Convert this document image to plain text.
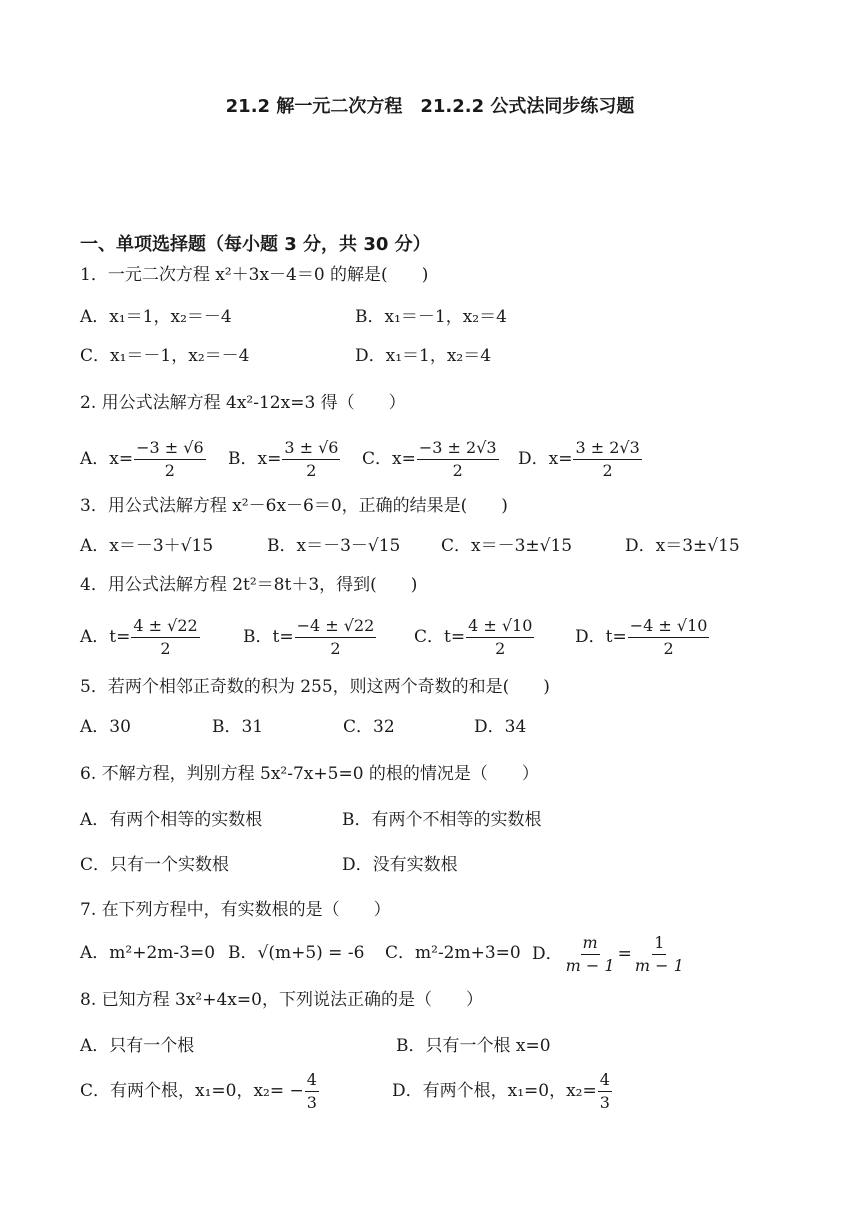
21.2 解一元二次方程　21.2.2 公式法同步练习题
一、单项选择题（每小题 3 分，共 30 分）
1．一元二次方程 x²＋3x－4＝0 的解是(　　)
A．x₁＝1，x₂＝－4	B．x₁＝－1，x₂＝4
C．x₁＝－1，x₂＝－4	D．x₁＝1，x₂＝4
2. 用公式法解方程 4x²-12x=3 得（　　）
A．$x= \frac{-3 \pm √6}{2}$ B．$x= \frac{3 \pm √6}{2}$ C．$x= \frac{-3 \pm 2√3}{2}$ D．$x= \frac{3 \pm 2√3}{2}$
3．用公式法解方程 x²－6x－6＝0，正确的结果是(　　)
A．x＝－3＋√15	B．x＝－3－√15 C．x＝－3±√15	D．x＝3±√15
4．用公式法解方程 2t²＝8t＋3，得到(　　)
A．$t= \frac{4 \pm √22}{2}$	B．$t= \frac{-4 \pm √22}{2}$ C．$t= \frac{4 \pm √10}{2}$ D．$t= \frac{-4 \pm √10}{2}$
5．若两个相邻正奇数的积为 255，则这两个奇数的和是(　　)
A．30	B．31	C．32	D．34
6. 不解方程，判别方程 5x²-7x+5=0 的根的情况是（　　）
A．有两个相等的实数根	B．有两个不相等的实数根
C．只有一个实数根	D．没有实数根
7. 在下列方程中，有实数根的是（　　）
A．m²+2m-3=0 B．√(m+5) = -6 C．m²-2m+3=0 D． $\frac{m}{m - 1} = \frac{1}{m - 1}$
8. 已知方程 3x²+4x=0，下列说法正确的是（　　）
A．只有一个根	B．只有一个根 x=0
C．有两个根，x₁=0，$x_2= - \frac{4}{3}$	D．有两个根，x₁=0，$x_2= \frac{4}{3}$
